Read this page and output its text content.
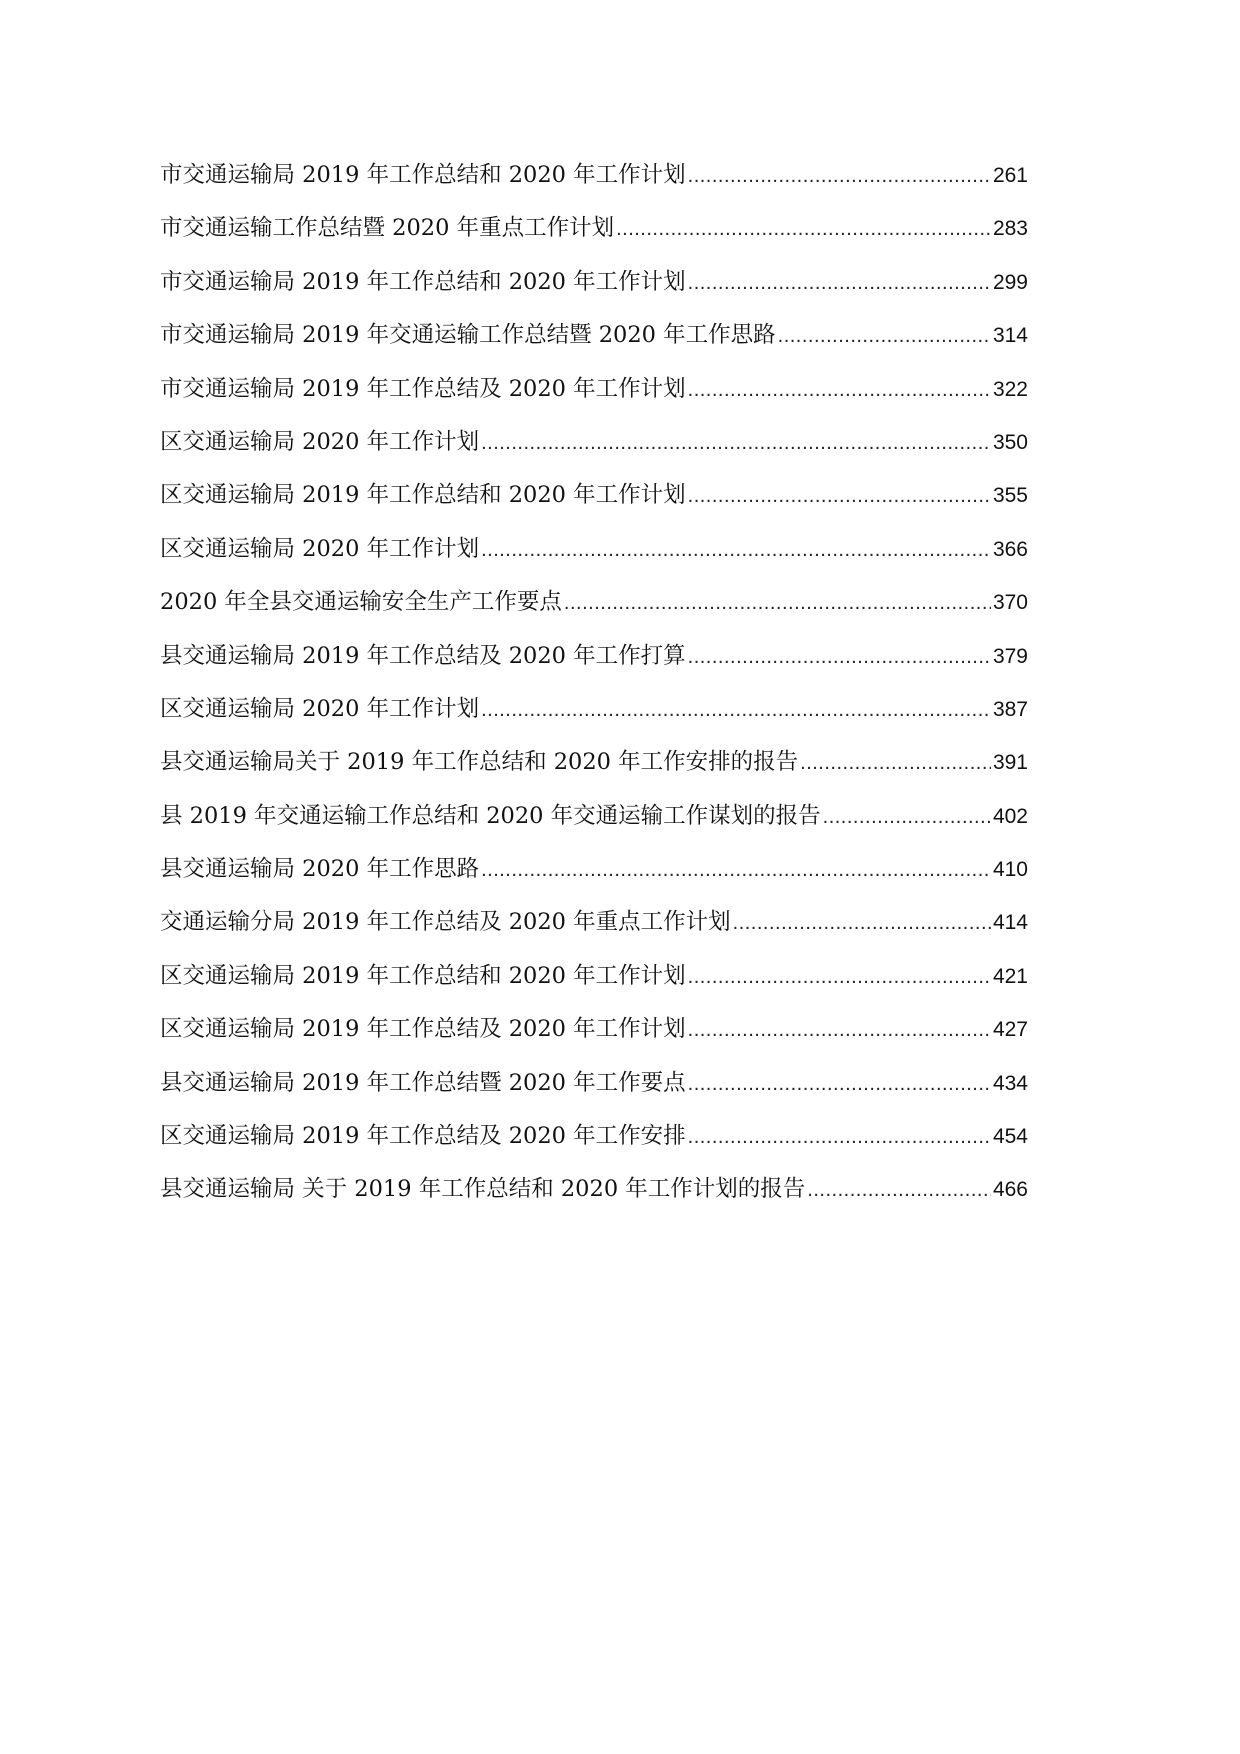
市交通运输局 2019 年工作总结和 2020 年工作计划 .....	261
市交通运输工作总结暨 2020 年重点工作计划 .....	283
市交通运输局 2019 年工作总结和 2020 年工作计划 .....	299
市交通运输局 2019 年交通运输工作总结暨 2020 年工作思路 .....	314
市交通运输局 2019 年工作总结及 2020 年工作计划 .....	322
区交通运输局 2020 年工作计划 .....	350
区交通运输局 2019 年工作总结和 2020 年工作计划 .....	355
区交通运输局 2020 年工作计划 .....	366
2020 年全县交通运输安全生产工作要点 .....	370
县交通运输局 2019 年工作总结及 2020 年工作打算 .....	379
区交通运输局 2020 年工作计划 .....	387
县交通运输局关于 2019 年工作总结和 2020 年工作安排的报告 .....	391
县 2019 年交通运输工作总结和 2020 年交通运输工作谋划的报告 .....	402
县交通运输局 2020 年工作思路 .....	410
交通运输分局 2019 年工作总结及 2020 年重点工作计划 .....	414
区交通运输局 2019 年工作总结和 2020 年工作计划 .....	421
区交通运输局 2019 年工作总结及 2020 年工作计划 .....	427
县交通运输局 2019 年工作总结暨 2020 年工作要点 .....	434
区交通运输局 2019 年工作总结及 2020 年工作安排 .....	454
县交通运输局 关于 2019 年工作总结和 2020 年工作计划的报告 .....	466
